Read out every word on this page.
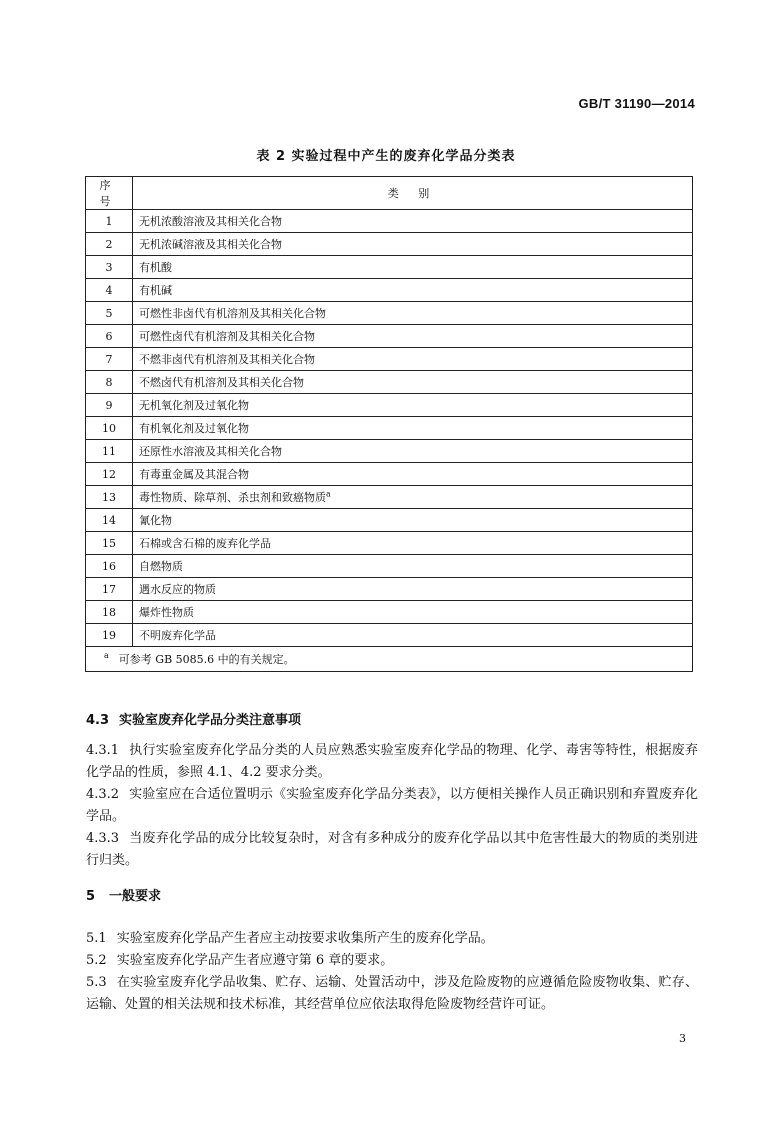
GB/T 31190—2014
表 2 实验过程中产生的废弃化学品分类表
序 号	类 别
1	无机浓酸溶液及其相关化合物
2	无机浓碱溶液及其相关化合物
3	有机酸
4	有机碱
5	可燃性非卤代有机溶剂及其相关化合物
6	可燃性卤代有机溶剂及其相关化合物
7	不燃非卤代有机溶剂及其相关化合物
8	不燃卤代有机溶剂及其相关化合物
9	无机氧化剂及过氧化物
10	有机氧化剂及过氧化物
11	还原性水溶液及其相关化合物
12	有毒重金属及其混合物
13	毒性物质、除草剂、杀虫剂和致癌物质$^a$
14	氰化物
15	石棉或含石棉的废弃化学品
16	自燃物质
17	遇水反应的物质
18	爆炸性物质
19	不明废弃化学品
$^a$ 可参考 GB 5085.6 中的有关规定。	

4.3 实验室废弃化学品分类注意事项

4.3.1 执行实验室废弃化学品分类的人员应熟悉实验室废弃化学品的物理、化学、毒害等特性，根据废弃化学品的性质，参照 4.1、4.2 要求分类。

4.3.2 实验室应在合适位置明示《实验室废弃化学品分类表》，以方便相关操作人员正确识别和弃置废弃化学品。

4.3.3 当废弃化学品的成分比较复杂时，对含有多种成分的废弃化学品以其中危害性最大的物质的类别进行归类。

5 一般要求

5.1 实验室废弃化学品产生者应主动按要求收集所产生的废弃化学品。

5.2 实验室废弃化学品产生者应遵守第 6 章的要求。

5.3 在实验室废弃化学品收集、贮存、运输、处置活动中，涉及危险废物的应遵循危险废物收集、贮存、运输、处置的相关法规和技术标准，其经营单位应依法取得危险废物经营许可证。

3
